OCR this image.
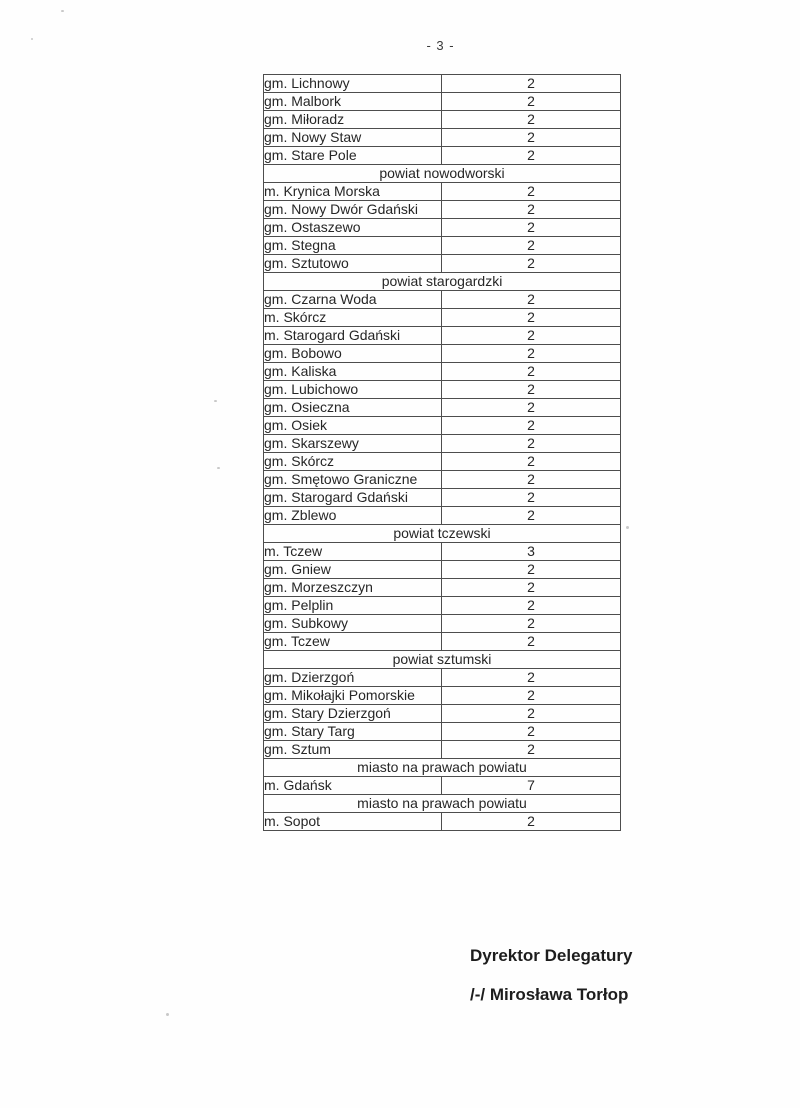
- 3 -
gm. Lichnowy	2
gm. Malbork	2
gm. Miłoradz	2
gm. Nowy Staw	2
gm. Stare Pole	2
powiat nowodworski	
m. Krynica Morska	2
gm. Nowy Dwór Gdański	2
gm. Ostaszewo	2
gm. Stegna	2
gm. Sztutowo	2
powiat starogardzki	
gm. Czarna Woda	2
m. Skórcz	2
m. Starogard Gdański	2
gm. Bobowo	2
gm. Kaliska	2
gm. Lubichowo	2
gm. Osieczna	2
gm. Osiek	2
gm. Skarszewy	2
gm. Skórcz	2
gm. Smętowo Graniczne	2
gm. Starogard Gdański	2
gm. Zblewo	2
powiat tczewski	
m. Tczew	3
gm. Gniew	2
gm. Morzeszczyn	2
gm. Pelplin	2
gm. Subkowy	2
gm. Tczew	2
powiat sztumski	
gm. Dzierzgoń	2
gm. Mikołajki Pomorskie	2
gm. Stary Dzierzgoń	2
gm. Stary Targ	2
gm. Sztum	2
miasto na prawach powiatu	
m. Gdańsk	7
miasto na prawach powiatu	
m. Sopot	2
Dyrektor Delegatury
/-/ Mirosława Torłop
